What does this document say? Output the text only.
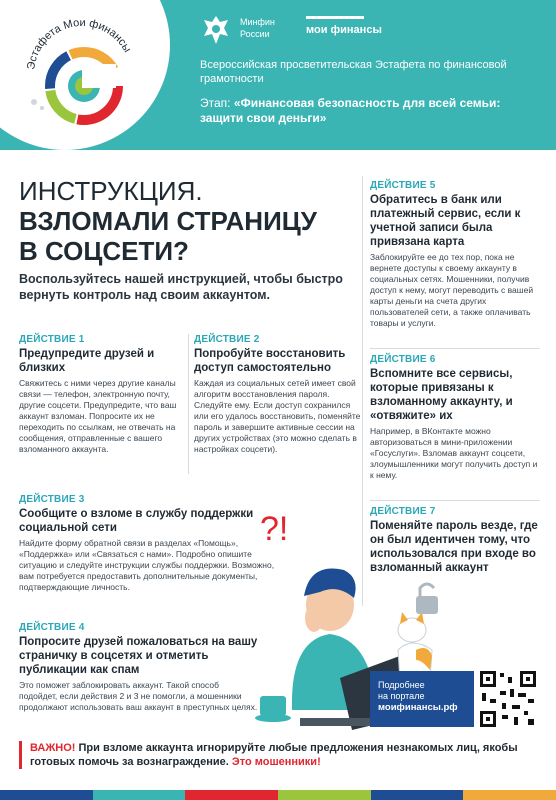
Эстафета Мои финансы
Минфин
России	мои финансы
Всероссийская просветительская Эстафета по финансовой грамотности
Этап: «Финансовая безопасность для всей семьи: защити свои деньги»
ИНСТРУКЦИЯ.
ВЗЛОМАЛИ СТРАНИЦУ
В СОЦСЕТИ?
Воспользуйтесь нашей инструкцией, чтобы быстро вернуть контроль над своим аккаунтом.
ДЕЙСТВИЕ 1
Предупредите друзей и близких
Свяжитесь с ними через другие каналы связи — телефон, электронную почту, другие соцсети. Предупредите, что ваш аккаунт взломан. Попросите их не переходить по ссылкам, не отвечать на сообщения, отправленные с вашего взломанного аккаунта.
ДЕЙСТВИЕ 2
Попробуйте восстановить доступ самостоятельно
Каждая из социальных сетей имеет свой алгоритм восстановления пароля. Следуйте ему. Если доступ сохранился или его удалось восстановить, поменяйте пароль и завершите активные сессии на других устройствах (это можно сделать в настройках соцсети).
ДЕЙСТВИЕ 3
Сообщите о взломе в службу поддержки социальной сети
Найдите форму обратной связи в разделах «Помощь», «Поддержка» или «Связаться с нами». Подробно опишите ситуацию и следуйте инструкции службы поддержки. Возможно, вам потребуется предоставить дополнительные документы, подтверждающие личность.
ДЕЙСТВИЕ 4
Попросите друзей пожаловаться на вашу страничку в соцсетях и отметить публикации как спам
Это поможет заблокировать аккаунт. Такой способ подойдет, если действия 2 и 3 не помогли, а мошенники продолжают использовать ваш аккаунт в преступных целях.
ДЕЙСТВИЕ 5
Обратитесь в банк или платежный сервис, если к учетной записи была привязана карта
Заблокируйте ее до тех пор, пока не вернете доступы к своему аккаунту в социальных сетях. Мошенники, получив доступ к нему, могут переводить с вашей карты деньги на счета других пользователей сети, а также оплачивать товары и услуги.
ДЕЙСТВИЕ 6
Вспомните все сервисы, которые привязаны к взломанному аккаунту, и «отвяжите» их
Например, в ВКонтакте можно авторизоваться в мини-приложении «Госуслуги». Взломав аккаунт соцсети, злоумышленники могут получить доступ и к нему.
ДЕЙСТВИЕ 7
Поменяйте пароль везде, где он был идентичен тому, что использовался при входе во взломанный аккаунт
?!
Подробнее
на портале
моифинансы.рф
ВАЖНО! При взломе аккаунта игнорируйте любые предложения незнакомых лиц, якобы готовых помочь за вознаграждение. Это мошенники!
